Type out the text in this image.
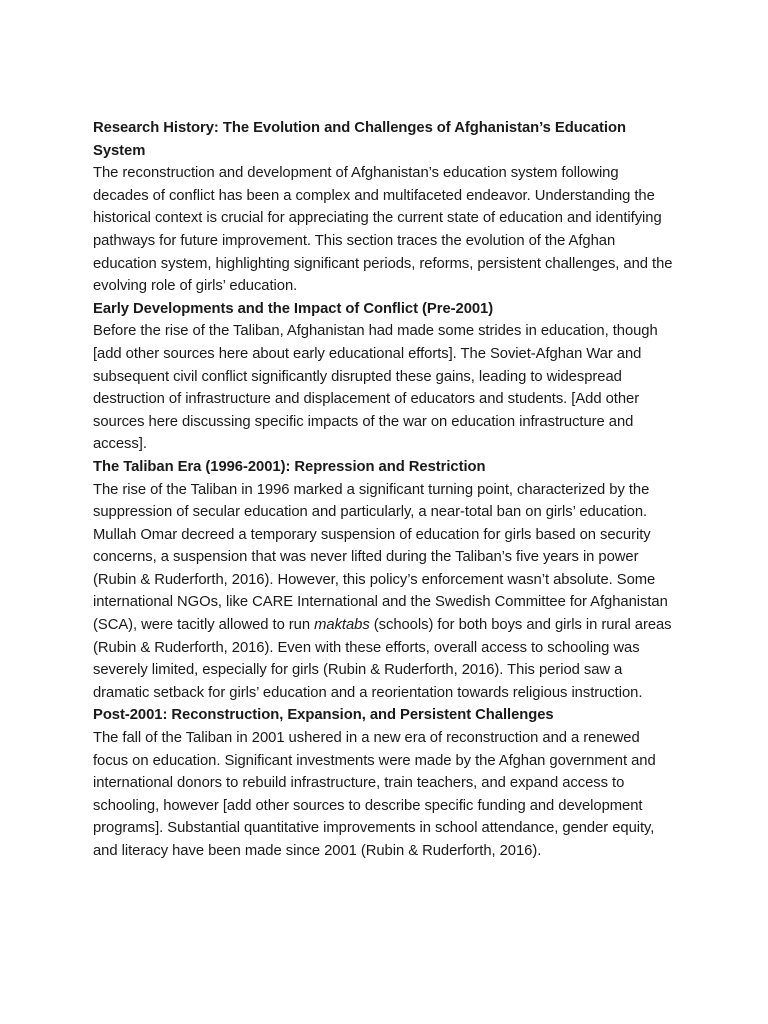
Research History: The Evolution and Challenges of Afghanistan’s Education System

The reconstruction and development of Afghanistan’s education system following decades of conflict has been a complex and multifaceted endeavor. Understanding the historical context is crucial for appreciating the current state of education and identifying pathways for future improvement. This section traces the evolution of the Afghan education system, highlighting significant periods, reforms, persistent challenges, and the evolving role of girls’ education.

Early Developments and the Impact of Conflict (Pre-2001)

Before the rise of the Taliban, Afghanistan had made some strides in education, though [add other sources here about early educational efforts]. The Soviet-Afghan War and subsequent civil conflict significantly disrupted these gains, leading to widespread destruction of infrastructure and displacement of educators and students. [Add other sources here discussing specific impacts of the war on education infrastructure and access].

The Taliban Era (1996-2001): Repression and Restriction

The rise of the Taliban in 1996 marked a significant turning point, characterized by the suppression of secular education and particularly, a near-total ban on girls’ education. Mullah Omar decreed a temporary suspension of education for girls based on security concerns, a suspension that was never lifted during the Taliban’s five years in power (Rubin & Ruderforth, 2016). However, this policy’s enforcement wasn’t absolute. Some international NGOs, like CARE International and the Swedish Committee for Afghanistan (SCA), were tacitly allowed to run maktabs (schools) for both boys and girls in rural areas (Rubin & Ruderforth, 2016). Even with these efforts, overall access to schooling was severely limited, especially for girls (Rubin & Ruderforth, 2016). This period saw a dramatic setback for girls’ education and a reorientation towards religious instruction.

Post-2001: Reconstruction, Expansion, and Persistent Challenges

The fall of the Taliban in 2001 ushered in a new era of reconstruction and a renewed focus on education. Significant investments were made by the Afghan government and international donors to rebuild infrastructure, train teachers, and expand access to schooling, however [add other sources to describe specific funding and development programs]. Substantial quantitative improvements in school attendance, gender equity, and literacy have been made since 2001 (Rubin & Ruderforth, 2016).
